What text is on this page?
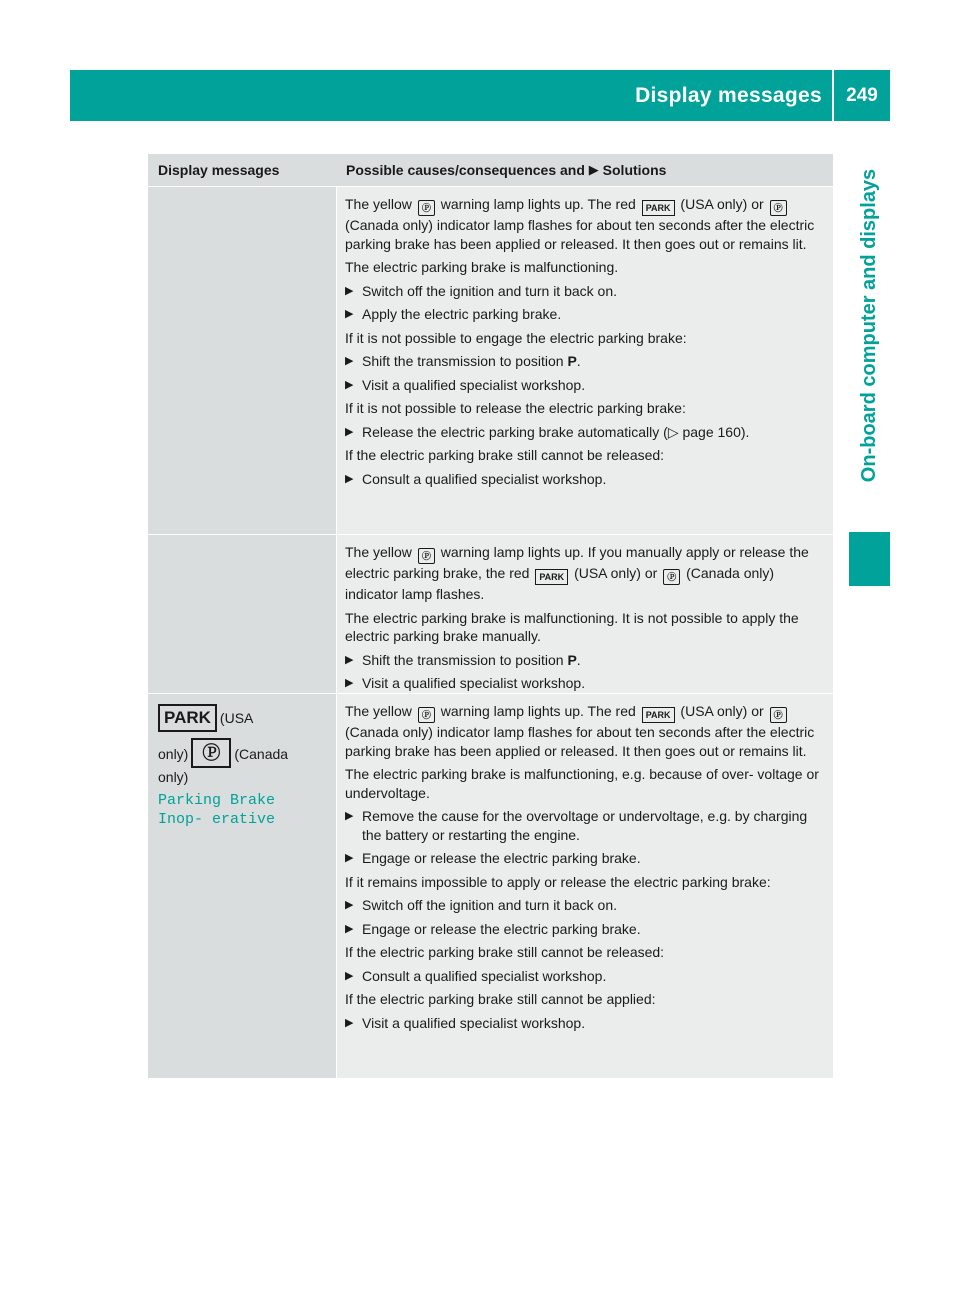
Display messages	249
On-board computer and displays
Display messages	Possible causes/consequences and
▶
Solutions

The yellow Ⓟ warning lamp lights up. The red PARK (USA only) or Ⓟ (Canada only) indicator lamp flashes for about ten seconds after the electric parking brake has been applied or released. It then goes out or remains lit.

The electric parking brake is malfunctioning.

▶ Switch off the ignition and turn it back on.
▶ Apply the electric parking brake.

If it is not possible to engage the electric parking brake:

▶ Shift the transmission to position P.
▶ Visit a qualified specialist workshop.

If it is not possible to release the electric parking brake:

▶ Release the electric parking brake automatically (▷ page 160).

If the electric parking brake still cannot be released:

▶ Consult a qualified specialist workshop.

The yellow Ⓟ warning lamp lights up. If you manually apply or release the electric parking brake, the red PARK (USA only) or Ⓟ (Canada only) indicator lamp flashes.

The electric parking brake is malfunctioning. It is not possible to apply the electric parking brake manually.

▶ Shift the transmission to position P.
▶ Visit a qualified specialist workshop.
PARK (USA
only) Ⓟ (Canada
only)
Parking Brake Inop‐ erative

The yellow Ⓟ warning lamp lights up. The red PARK (USA only) or Ⓟ (Canada only) indicator lamp flashes for about ten seconds after the electric parking brake has been applied or released. It then goes out or remains lit.

The electric parking brake is malfunctioning, e.g. because of over- voltage or undervoltage.

▶ Remove the cause for the overvoltage or undervoltage, e.g. by charging the battery or restarting the engine.
▶ Engage or release the electric parking brake.

If it remains impossible to apply or release the electric parking brake:

▶ Switch off the ignition and turn it back on.
▶ Engage or release the electric parking brake.

If the electric parking brake still cannot be released:

▶ Consult a qualified specialist workshop.

If the electric parking brake still cannot be applied:

▶ Visit a qualified specialist workshop.
